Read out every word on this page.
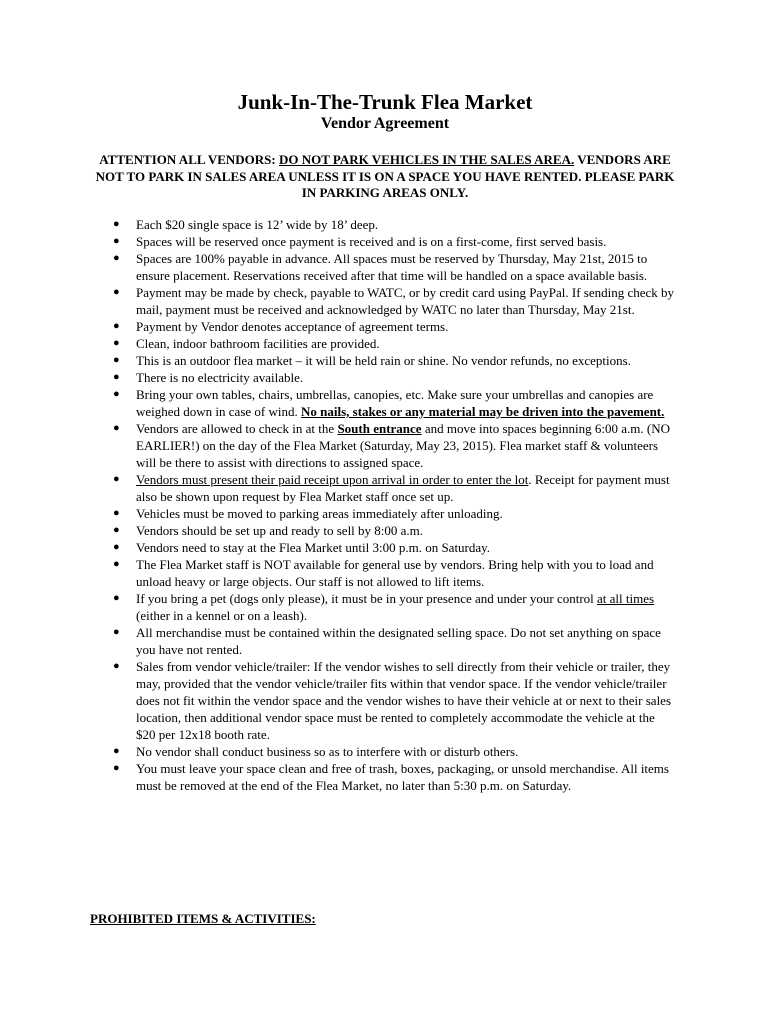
Junk-In-The-Trunk Flea Market
Vendor Agreement
ATTENTION ALL VENDORS: DO NOT PARK VEHICLES IN THE SALES AREA. VENDORS ARE NOT TO PARK IN SALES AREA UNLESS IT IS ON A SPACE YOU HAVE RENTED. PLEASE PARK IN PARKING AREAS ONLY.
● Each $20 single space is 12’ wide by 18’ deep.
● Spaces will be reserved once payment is received and is on a first-come, first served basis.
● Spaces are 100% payable in advance. All spaces must be reserved by Thursday, May 21st, 2015 to ensure placement. Reservations received after that time will be handled on a space available basis.
● Payment may be made by check, payable to WATC, or by credit card using PayPal. If sending check by mail, payment must be received and acknowledged by WATC no later than Thursday, May 21st.
● Payment by Vendor denotes acceptance of agreement terms.
● Clean, indoor bathroom facilities are provided.
● This is an outdoor flea market – it will be held rain or shine. No vendor refunds, no exceptions.
● There is no electricity available.
● Bring your own tables, chairs, umbrellas, canopies, etc. Make sure your umbrellas and canopies are weighed down in case of wind. No nails, stakes or any material may be driven into the pavement.
● Vendors are allowed to check in at the South entrance and move into spaces beginning 6:00 a.m. (NO EARLIER!) on the day of the Flea Market (Saturday, May 23, 2015). Flea market staff & volunteers will be there to assist with directions to assigned space.
● Vendors must present their paid receipt upon arrival in order to enter the lot. Receipt for payment must also be shown upon request by Flea Market staff once set up.
● Vehicles must be moved to parking areas immediately after unloading.
● Vendors should be set up and ready to sell by 8:00 a.m.
● Vendors need to stay at the Flea Market until 3:00 p.m. on Saturday.
● The Flea Market staff is NOT available for general use by vendors. Bring help with you to load and unload heavy or large objects. Our staff is not allowed to lift items.
● If you bring a pet (dogs only please), it must be in your presence and under your control at all times (either in a kennel or on a leash).
● All merchandise must be contained within the designated selling space. Do not set anything on space you have not rented.
● Sales from vendor vehicle/trailer: If the vendor wishes to sell directly from their vehicle or trailer, they may, provided that the vendor vehicle/trailer fits within that vendor space. If the vendor vehicle/trailer does not fit within the vendor space and the vendor wishes to have their vehicle at or next to their sales location, then additional vendor space must be rented to completely accommodate the vehicle at the $20 per 12x18 booth rate.
● No vendor shall conduct business so as to interfere with or disturb others.
● You must leave your space clean and free of trash, boxes, packaging, or unsold merchandise. All items must be removed at the end of the Flea Market, no later than 5:30 p.m. on Saturday.
PROHIBITED ITEMS & ACTIVITIES:
